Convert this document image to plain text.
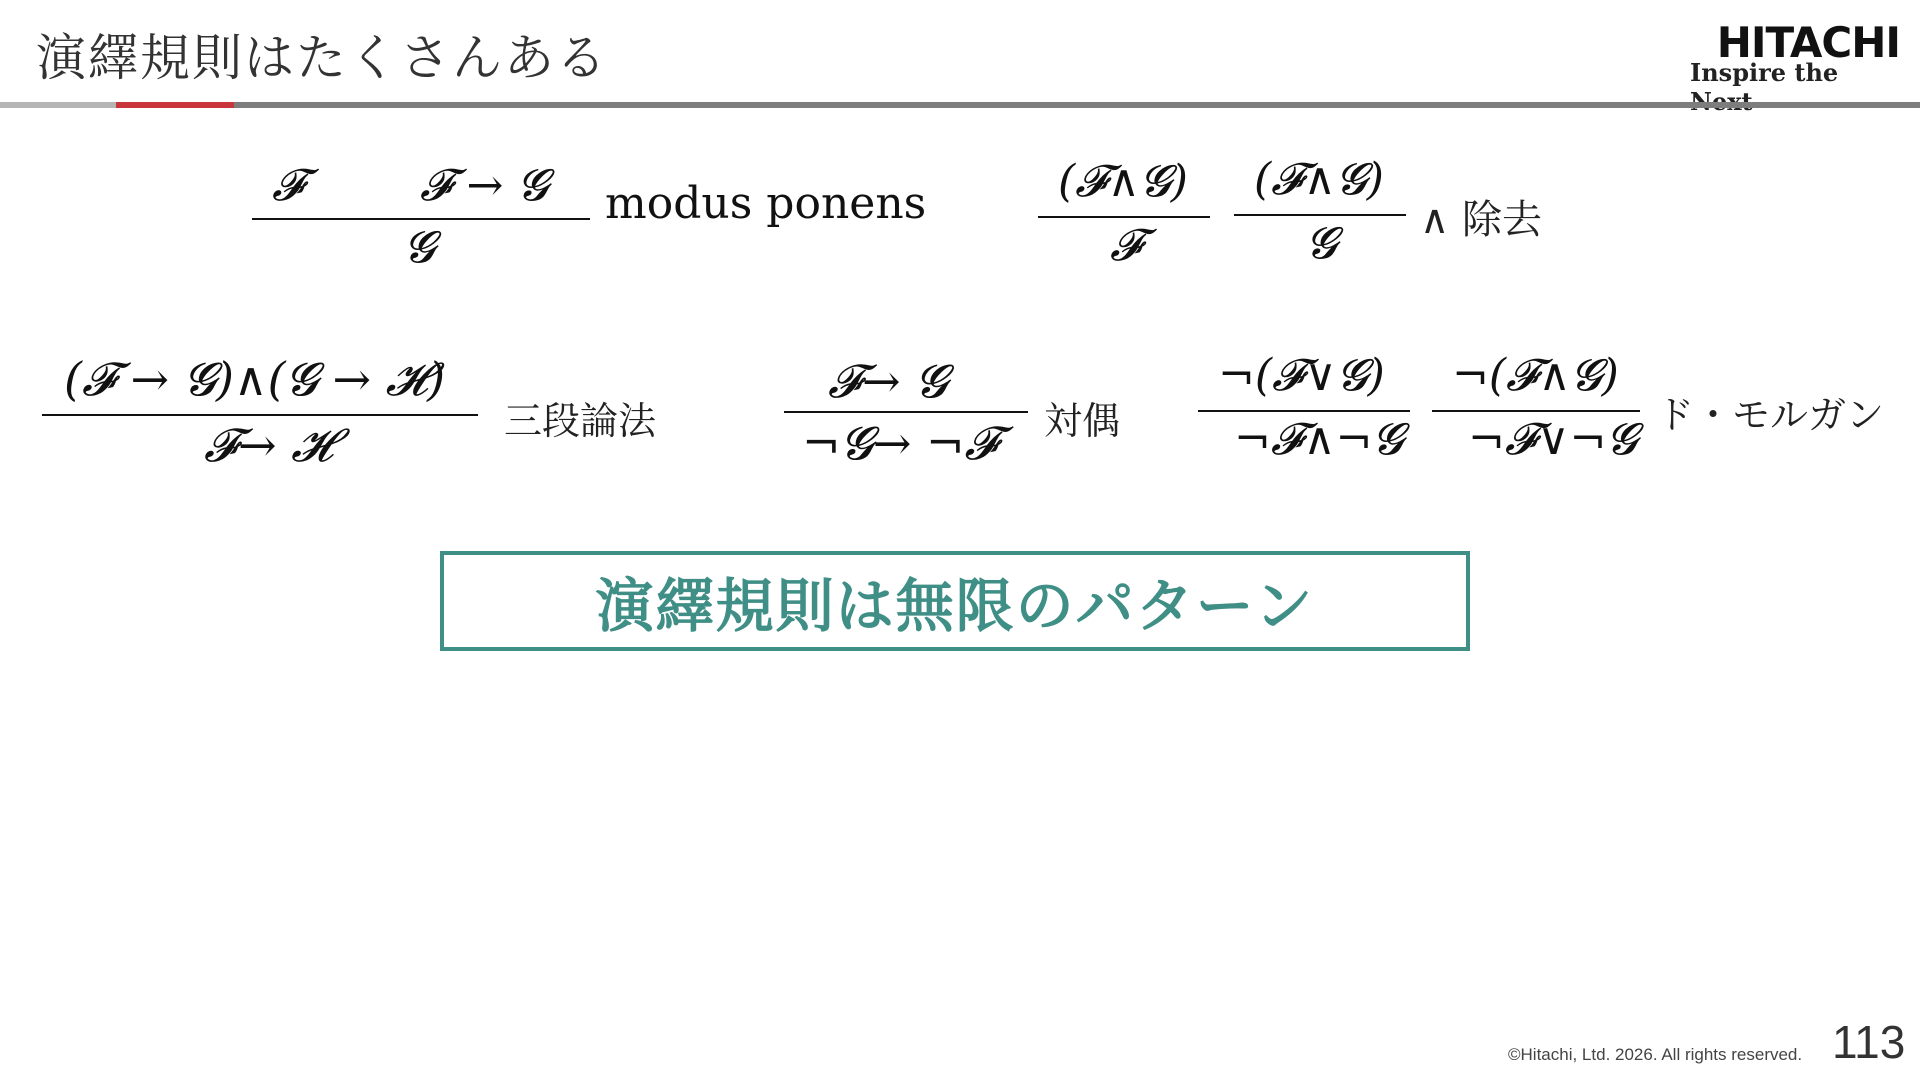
演繹規則はたくさんある	HITACHI
Inspire the
𝓕	𝓕 → 𝓖
𝓖
modus ponens	(𝓕∧𝓖)
𝓕
(𝓕∧𝓖)
𝓖 ∧ 除去
(𝓕 → 𝓖)∧(𝓖 → 𝓗)
𝓕→ 𝓗	三段論法
𝓕→ 𝓖
¬𝓖→ ¬𝓕 対偶
¬(𝓕∨𝓖)
¬𝓕∧¬𝓖
¬(𝓕∧𝓖)
¬𝓕∨¬𝓖 ド・モルガン
演繹規則は無限のパターン
©Hitachi, Ltd. 2026. All rights reserved. 113
